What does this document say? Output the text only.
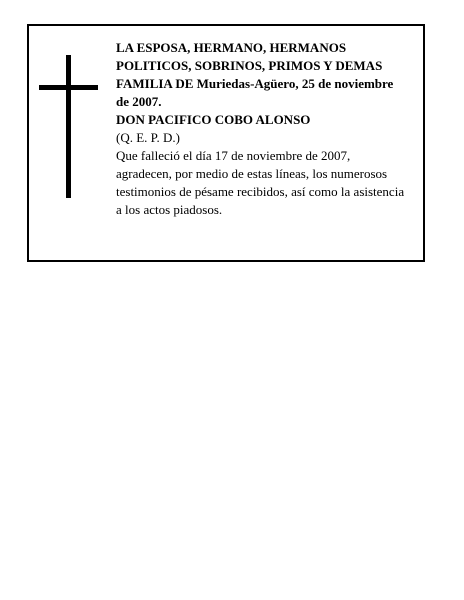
LA ESPOSA, HERMANO, HERMANOS

POLITICOS, SOBRINOS, PRIMOS Y DEMAS

FAMILIA DE Muriedas-Agüero, 25 de noviembre

de 2007.

DON PACIFICO COBO ALONSO

(Q. E. P. D.)

Que falleció el día 17 de noviembre de 2007,

agradecen, por medio de estas líneas, los numerosos

testimonios de pésame recibidos, así como la asistencia

a los actos piadosos.
